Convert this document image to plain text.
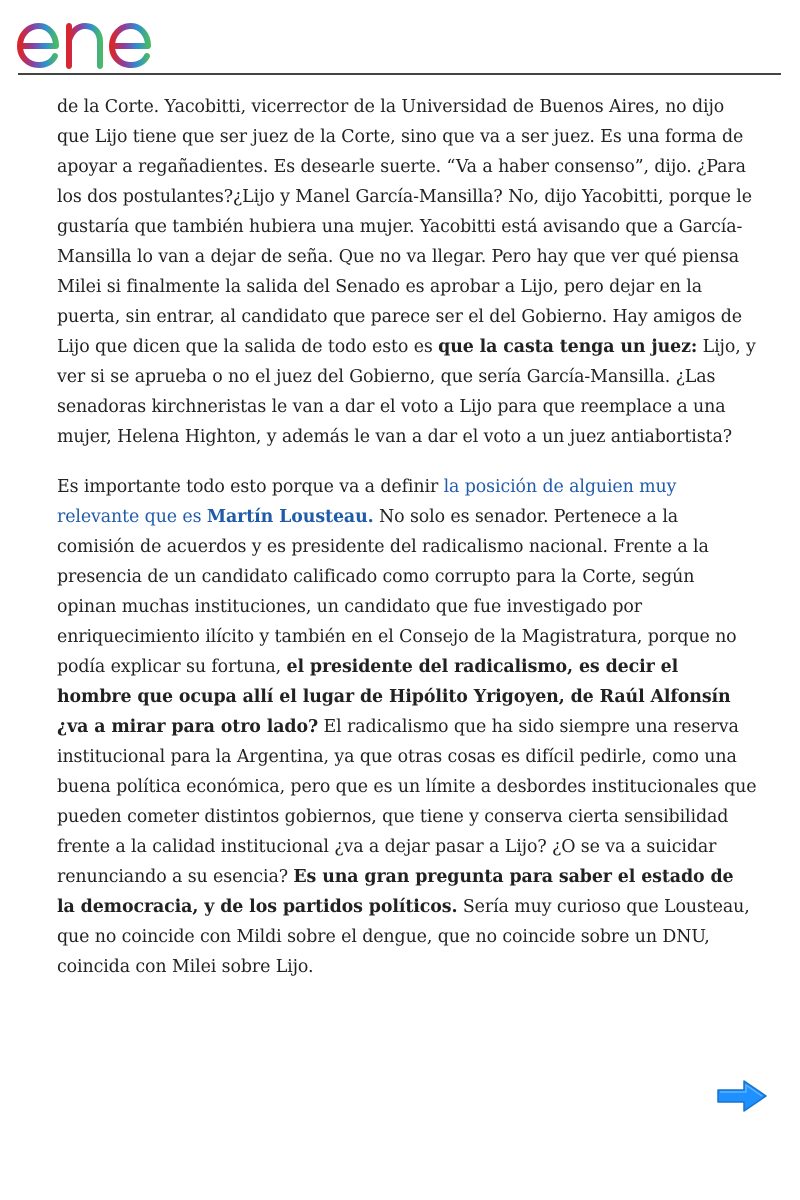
de la Corte. Yacobitti, vicerrector de la Universidad de Buenos Aires, no dijo que Lijo tiene que ser juez de la Corte, sino que va a ser juez. Es una forma de apoyar a regañadientes. Es desearle suerte. “Va a haber consenso”, dijo. ¿Para los dos postulantes?¿Lijo y Manel García-Mansilla? No, dijo Yacobitti, porque le gustaría que también hubiera una mujer. Yacobitti está avisando que a García-Mansilla lo van a dejar de seña. Que no va llegar. Pero hay que ver qué piensa Milei si finalmente la salida del Senado es aprobar a Lijo, pero dejar en la puerta, sin entrar, al candidato que parece ser el del Gobierno. Hay amigos de Lijo que dicen que la salida de todo esto es que la casta tenga un juez: Lijo, y ver si se aprueba o no el juez del Gobierno, que sería García-Mansilla. ¿Las senadoras kirchneristas le van a dar el voto a Lijo para que reemplace a una mujer, Helena Highton, y además le van a dar el voto a un juez antiabortista?

Es importante todo esto porque va a definir la posición de alguien muy relevante que es Martín Lousteau. No solo es senador. Pertenece a la comisión de acuerdos y es presidente del radicalismo nacional. Frente a la presencia de un candidato calificado como corrupto para la Corte, según opinan muchas instituciones, un candidato que fue investigado por enriquecimiento ilícito y también en el Consejo de la Magistratura, porque no podía explicar su fortuna, el presidente del radicalismo, es decir el hombre que ocupa allí el lugar de Hipólito Yrigoyen, de Raúl Alfonsín ¿va a mirar para otro lado? El radicalismo que ha sido siempre una reserva institucional para la Argentina, ya que otras cosas es difícil pedirle, como una buena política económica, pero que es un límite a desbordes institucionales que pueden cometer distintos gobiernos, que tiene y conserva cierta sensibilidad frente a la calidad institucional ¿va a dejar pasar a Lijo? ¿O se va a suicidar renunciando a su esencia? Es una gran pregunta para saber el estado de la democracia, y de los partidos políticos. Sería muy curioso que Lousteau, que no coincide con Mildi sobre el dengue, que no coincide sobre un DNU, coincida con Milei sobre Lijo.
